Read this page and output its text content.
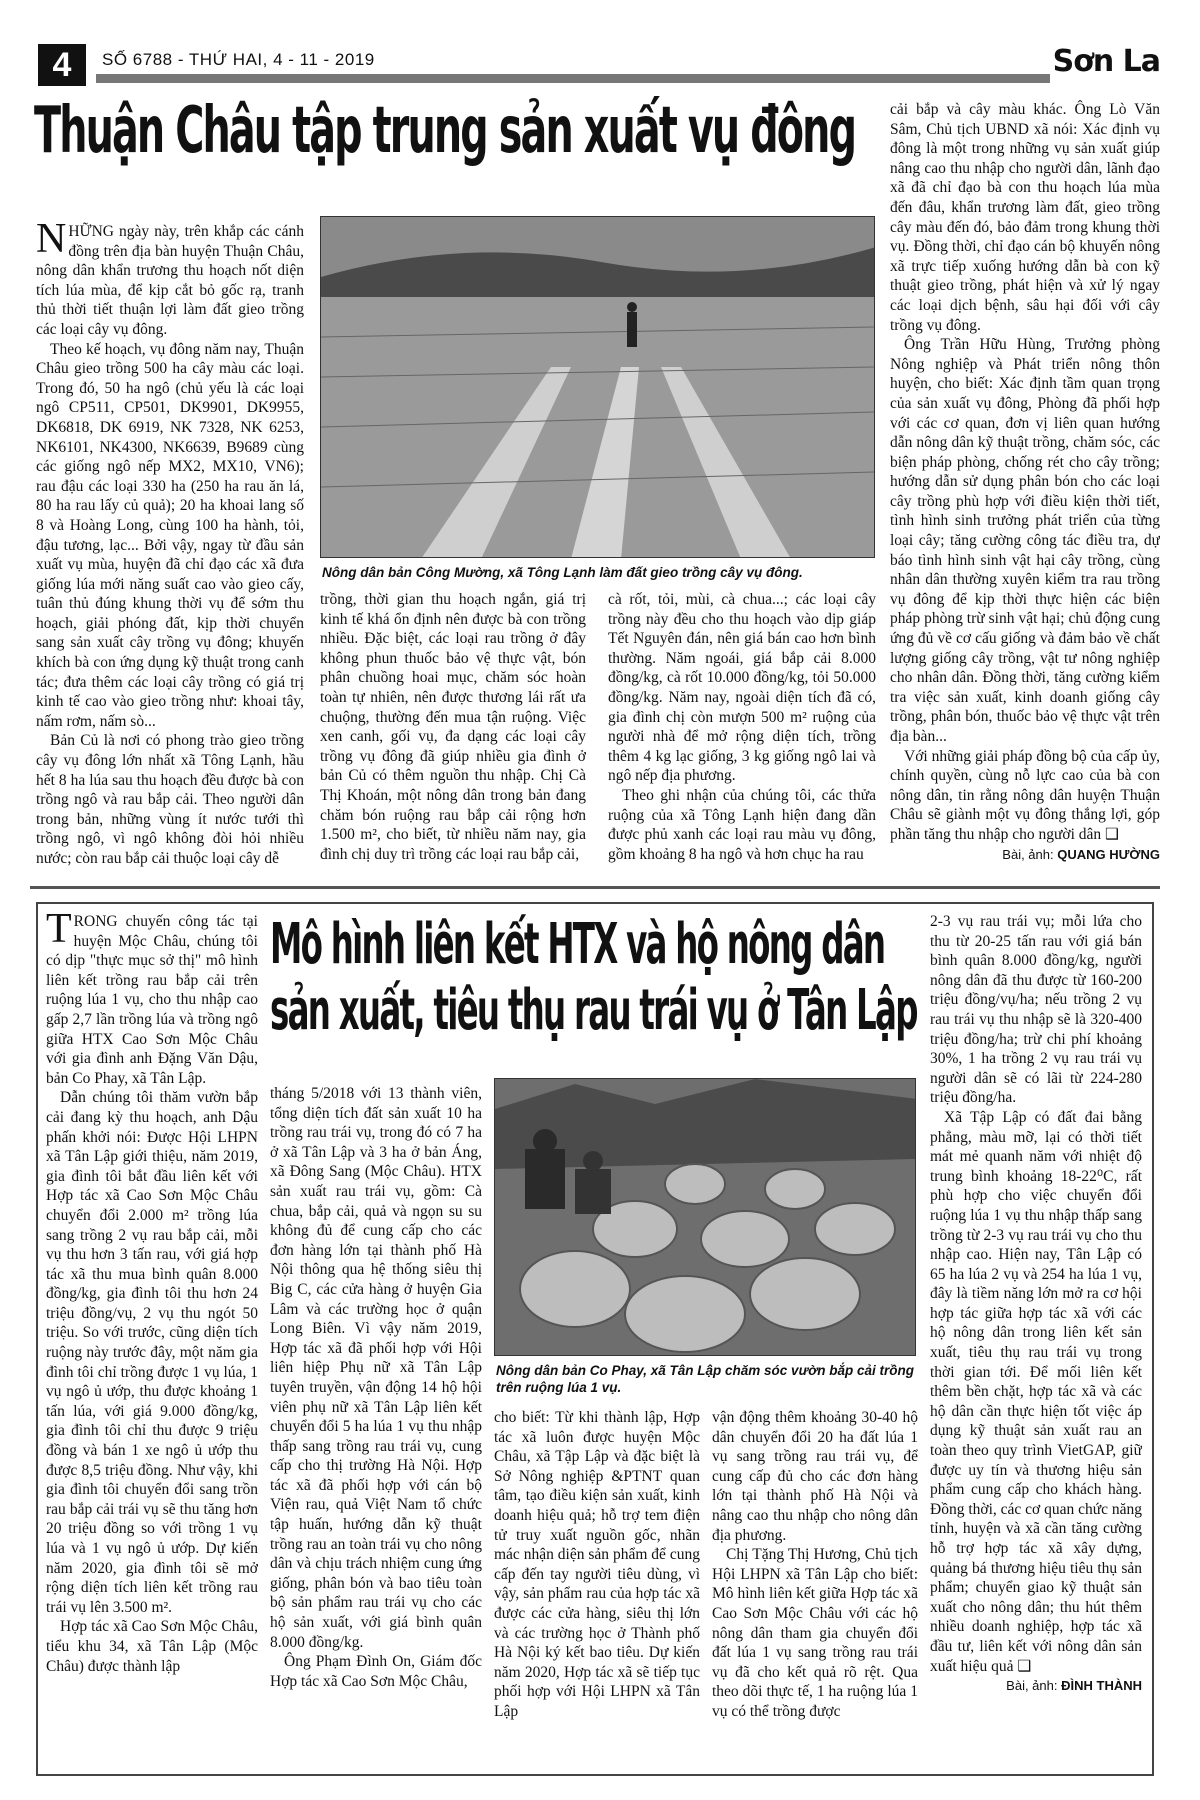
4	SỐ 6788 - THỨ HAI, 4 - 11 - 2019	Sơn La
Thuận Châu tập trung sản xuất vụ đông

NHỮNG ngày này, trên khắp các cánh đồng trên địa bàn huyện Thuận Châu, nông dân khẩn trương thu hoạch nốt diện tích lúa mùa, để kịp cắt bỏ gốc rạ, tranh thủ thời tiết thuận lợi làm đất gieo trồng các loại cây vụ đông.

Theo kế hoạch, vụ đông năm nay, Thuận Châu gieo trồng 500 ha cây màu các loại. Trong đó, 50 ha ngô (chủ yếu là các loại ngô CP511, CP501, DK9901, DK9955, DK6818, DK 6919, NK 7328, NK 6253, NK6101, NK4300, NK6639, B9689 cùng các giống ngô nếp MX2, MX10, VN6); rau đậu các loại 330 ha (250 ha rau ăn lá, 80 ha rau lấy củ quả); 20 ha khoai lang số 8 và Hoàng Long, cùng 100 ha hành, tỏi, đậu tương, lạc... Bởi vậy, ngay từ đầu sản xuất vụ mùa, huyện đã chỉ đạo các xã đưa giống lúa mới năng suất cao vào gieo cấy, tuân thủ đúng khung thời vụ để sớm thu hoạch, giải phóng đất, kịp thời chuyển sang sản xuất cây trồng vụ đông; khuyến khích bà con ứng dụng kỹ thuật trong canh tác; đưa thêm các loại cây trồng có giá trị kinh tế cao vào gieo trồng như: khoai tây, nấm rơm, nấm sò...

Bản Củ là nơi có phong trào gieo trồng cây vụ đông lớn nhất xã Tông Lạnh, hầu hết 8 ha lúa sau thu hoạch đều được bà con trồng ngô và rau bắp cải. Theo người dân trong bản, những vùng ít nước tưới thì trồng ngô, vì ngô không đòi hỏi nhiều nước; còn rau bắp cải thuộc loại cây dễ

Nông dân bản Công Mường, xã Tông Lạnh làm đất gieo trồng cây vụ đông.

trồng, thời gian thu hoạch ngắn, giá trị kinh tế khá ổn định nên được bà con trồng nhiều. Đặc biệt, các loại rau trồng ở đây không phun thuốc bảo vệ thực vật, bón phân chuồng hoai mục, chăm sóc hoàn toàn tự nhiên, nên được thương lái rất ưa chuộng, thường đến mua tận ruộng. Việc xen canh, gối vụ, đa dạng các loại cây trồng vụ đông đã giúp nhiều gia đình ở bản Củ có thêm nguồn thu nhập. Chị Cà Thị Khoán, một nông dân trong bản đang chăm bón ruộng rau bắp cải rộng hơn 1.500 m², cho biết, từ nhiều năm nay, gia đình chị duy trì trồng các loại rau bắp cải,

cà rốt, tỏi, mùi, cà chua...; các loại cây trồng này đều cho thu hoạch vào dịp giáp Tết Nguyên đán, nên giá bán cao hơn bình thường. Năm ngoái, giá bắp cải 8.000 đồng/kg, cà rốt 10.000 đồng/kg, tỏi 50.000 đồng/kg. Năm nay, ngoài diện tích đã có, gia đình chị còn mượn 500 m² ruộng của người nhà để mở rộng diện tích, trồng thêm 4 kg lạc giống, 3 kg giống ngô lai và ngô nếp địa phương.

Theo ghi nhận của chúng tôi, các thửa ruộng của xã Tông Lạnh hiện đang dần được phủ xanh các loại rau màu vụ đông, gồm khoảng 8 ha ngô và hơn chục ha rau

cải bắp và cây màu khác. Ông Lò Văn Sâm, Chủ tịch UBND xã nói: Xác định vụ đông là một trong những vụ sản xuất giúp nâng cao thu nhập cho người dân, lãnh đạo xã đã chỉ đạo bà con thu hoạch lúa mùa đến đâu, khẩn trương làm đất, gieo trồng cây màu đến đó, bảo đảm trong khung thời vụ. Đồng thời, chỉ đạo cán bộ khuyến nông xã trực tiếp xuống hướng dẫn bà con kỹ thuật gieo trồng, phát hiện và xử lý ngay các loại dịch bệnh, sâu hại đối với cây trồng vụ đông.

Ông Trần Hữu Hùng, Trưởng phòng Nông nghiệp và Phát triển nông thôn huyện, cho biết: Xác định tầm quan trọng của sản xuất vụ đông, Phòng đã phối hợp với các cơ quan, đơn vị liên quan hướng dẫn nông dân kỹ thuật trồng, chăm sóc, các biện pháp phòng, chống rét cho cây trồng; hướng dẫn sử dụng phân bón cho các loại cây trồng phù hợp với điều kiện thời tiết, tình hình sinh trưởng phát triển của từng loại cây; tăng cường công tác điều tra, dự báo tình hình sinh vật hại cây trồng, cùng nhân dân thường xuyên kiểm tra rau trồng vụ đông để kịp thời thực hiện các biện pháp phòng trừ sinh vật hại; chủ động cung ứng đủ về cơ cấu giống và đảm bảo về chất lượng giống cây trồng, vật tư nông nghiệp cho nhân dân. Đồng thời, tăng cường kiểm tra việc sản xuất, kinh doanh giống cây trồng, phân bón, thuốc bảo vệ thực vật trên địa bàn...

Với những giải pháp đồng bộ của cấp ủy, chính quyền, cùng nỗ lực cao của bà con nông dân, tin rằng nông dân huyện Thuận Châu sẽ giành một vụ đông thắng lợi, góp phần tăng thu nhập cho người dân ❑

Bài, ảnh: QUANG HƯỜNG

TRONG chuyến công tác tại huyện Mộc Châu, chúng tôi có dịp "thực mục sở thị" mô hình liên kết trồng rau bắp cải trên ruộng lúa 1 vụ, cho thu nhập cao gấp 2,7 lần trồng lúa và trồng ngô giữa HTX Cao Sơn Mộc Châu với gia đình anh Đặng Văn Dậu, bản Co Phay, xã Tân Lập.

Dẫn chúng tôi thăm vườn bắp cải đang kỳ thu hoạch, anh Dậu phấn khởi nói: Được Hội LHPN xã Tân Lập giới thiệu, năm 2019, gia đình tôi bắt đầu liên kết với Hợp tác xã Cao Sơn Mộc Châu chuyển đổi 2.000 m² trồng lúa sang trồng 2 vụ rau bắp cải, mỗi vụ thu hơn 3 tấn rau, với giá hợp tác xã thu mua bình quân 8.000 đồng/kg, gia đình tôi thu hơn 24 triệu đồng/vụ, 2 vụ thu ngót 50 triệu. So với trước, cũng diện tích ruộng này trước đây, một năm gia đình tôi chỉ trồng được 1 vụ lúa, 1 vụ ngô ủ ướp, thu được khoảng 1 tấn lúa, với giá 9.000 đồng/kg, gia đình tôi chỉ thu được 9 triệu đồng và bán 1 xe ngô ủ ướp thu được 8,5 triệu đồng. Như vậy, khi gia đình tôi chuyển đổi sang trồn rau bắp cải trái vụ sẽ thu tăng hơn 20 triệu đồng so với trồng 1 vụ lúa và 1 vụ ngô ủ ướp. Dự kiến năm 2020, gia đình tôi sẽ mở rộng diện tích liên kết trồng rau trái vụ lên 3.500 m².

Hợp tác xã Cao Sơn Mộc Châu, tiểu khu 34, xã Tân Lập (Mộc Châu) được thành lập

Mô hình liên kết HTX và hộ nông dân
sản xuất, tiêu thụ rau trái vụ ở Tân Lập

tháng 5/2018 với 13 thành viên, tổng diện tích đất sản xuất 10 ha trồng rau trái vụ, trong đó có 7 ha ở xã Tân Lập và 3 ha ở bản Áng, xã Đông Sang (Mộc Châu). HTX sản xuất rau trái vụ, gồm: Cà chua, bắp cải, quả và ngọn su su không đủ để cung cấp cho các đơn hàng lớn tại thành phố Hà Nội thông qua hệ thống siêu thị Big C, các cửa hàng ở huyện Gia Lâm và các trường học ở quận Long Biên. Vì vậy năm 2019, Hợp tác xã đã phối hợp với Hội liên hiệp Phụ nữ xã Tân Lập tuyên truyền, vận động 14 hộ hội viên phụ nữ xã Tân Lập liên kết chuyển đổi 5 ha lúa 1 vụ thu nhập thấp sang trồng rau trái vụ, cung cấp cho thị trường Hà Nội. Hợp tác xã đã phối hợp với cán bộ Viện rau, quả Việt Nam tổ chức tập huấn, hướng dẫn kỹ thuật trồng rau an toàn trái vụ cho nông dân và chịu trách nhiệm cung ứng giống, phân bón và bao tiêu toàn bộ sản phẩm rau trái vụ cho các hộ sản xuất, với giá bình quân 8.000 đồng/kg.

Ông Phạm Đình On, Giám đốc Hợp tác xã Cao Sơn Mộc Châu,

Nông dân bản Co Phay, xã Tân Lập chăm sóc vườn bắp cải trồng trên ruộng lúa 1 vụ.

cho biết: Từ khi thành lập, Hợp tác xã luôn được huyện Mộc Châu, xã Tập Lập và đặc biệt là Sở Nông nghiệp &PTNT quan tâm, tạo điều kiện sản xuất, kinh doanh hiệu quả; hỗ trợ tem điện tử truy xuất nguồn gốc, nhãn mác nhận diện sản phẩm để cung cấp đến tay người tiêu dùng, vì vậy, sản phẩm rau của hợp tác xã được các cửa hàng, siêu thị lớn và các trường học ở Thành phố Hà Nội ký kết bao tiêu. Dự kiến năm 2020, Hợp tác xã sẽ tiếp tục phối hợp với Hội LHPN xã Tân Lập

vận động thêm khoảng 30-40 hộ dân chuyển đổi 20 ha đất lúa 1 vụ sang trồng rau trái vụ, để cung cấp đủ cho các đơn hàng lớn tại thành phố Hà Nội và nâng cao thu nhập cho nông dân địa phương.

Chị Tặng Thị Hương, Chủ tịch Hội LHPN xã Tân Lập cho biết: Mô hình liên kết giữa Hợp tác xã Cao Sơn Mộc Châu với các hộ nông dân tham gia chuyển đổi đất lúa 1 vụ sang trồng rau trái vụ đã cho kết quả rõ rệt. Qua theo dõi thực tế, 1 ha ruộng lúa 1 vụ có thể trồng được

2-3 vụ rau trái vụ; mỗi lứa cho thu từ 20-25 tấn rau với giá bán bình quân 8.000 đồng/kg, người nông dân đã thu được từ 160-200 triệu đồng/vụ/ha; nếu trồng 2 vụ rau trái vụ thu nhập sẽ là 320-400 triệu đồng/ha; trừ chi phí khoảng 30%, 1 ha trồng 2 vụ rau trái vụ người dân sẽ có lãi từ 224-280 triệu đồng/ha.

Xã Tập Lập có đất đai bằng phẳng, màu mỡ, lại có thời tiết mát mẻ quanh năm với nhiệt độ trung bình khoảng 18-22⁰C, rất phù hợp cho việc chuyển đổi ruộng lúa 1 vụ thu nhập thấp sang trồng từ 2-3 vụ rau trái vụ cho thu nhập cao. Hiện nay, Tân Lập có 65 ha lúa 2 vụ và 254 ha lúa 1 vụ, đây là tiềm năng lớn mở ra cơ hội hợp tác giữa hợp tác xã với các hộ nông dân trong liên kết sản xuất, tiêu thụ rau trái vụ trong thời gian tới. Để mối liên kết thêm bền chặt, hợp tác xã và các hộ dân cần thực hiện tốt việc áp dụng kỹ thuật sản xuất rau an toàn theo quy trình VietGAP, giữ được uy tín và thương hiệu sản phẩm cung cấp cho khách hàng. Đồng thời, các cơ quan chức năng tỉnh, huyện và xã cần tăng cường hỗ trợ hợp tác xã xây dựng, quảng bá thương hiệu tiêu thụ sản phẩm; chuyển giao kỹ thuật sản xuất cho nông dân; thu hút thêm nhiều doanh nghiệp, hợp tác xã đầu tư, liên kết với nông dân sản xuất hiệu quả ❑

Bài, ảnh: ĐÌNH THÀNH
